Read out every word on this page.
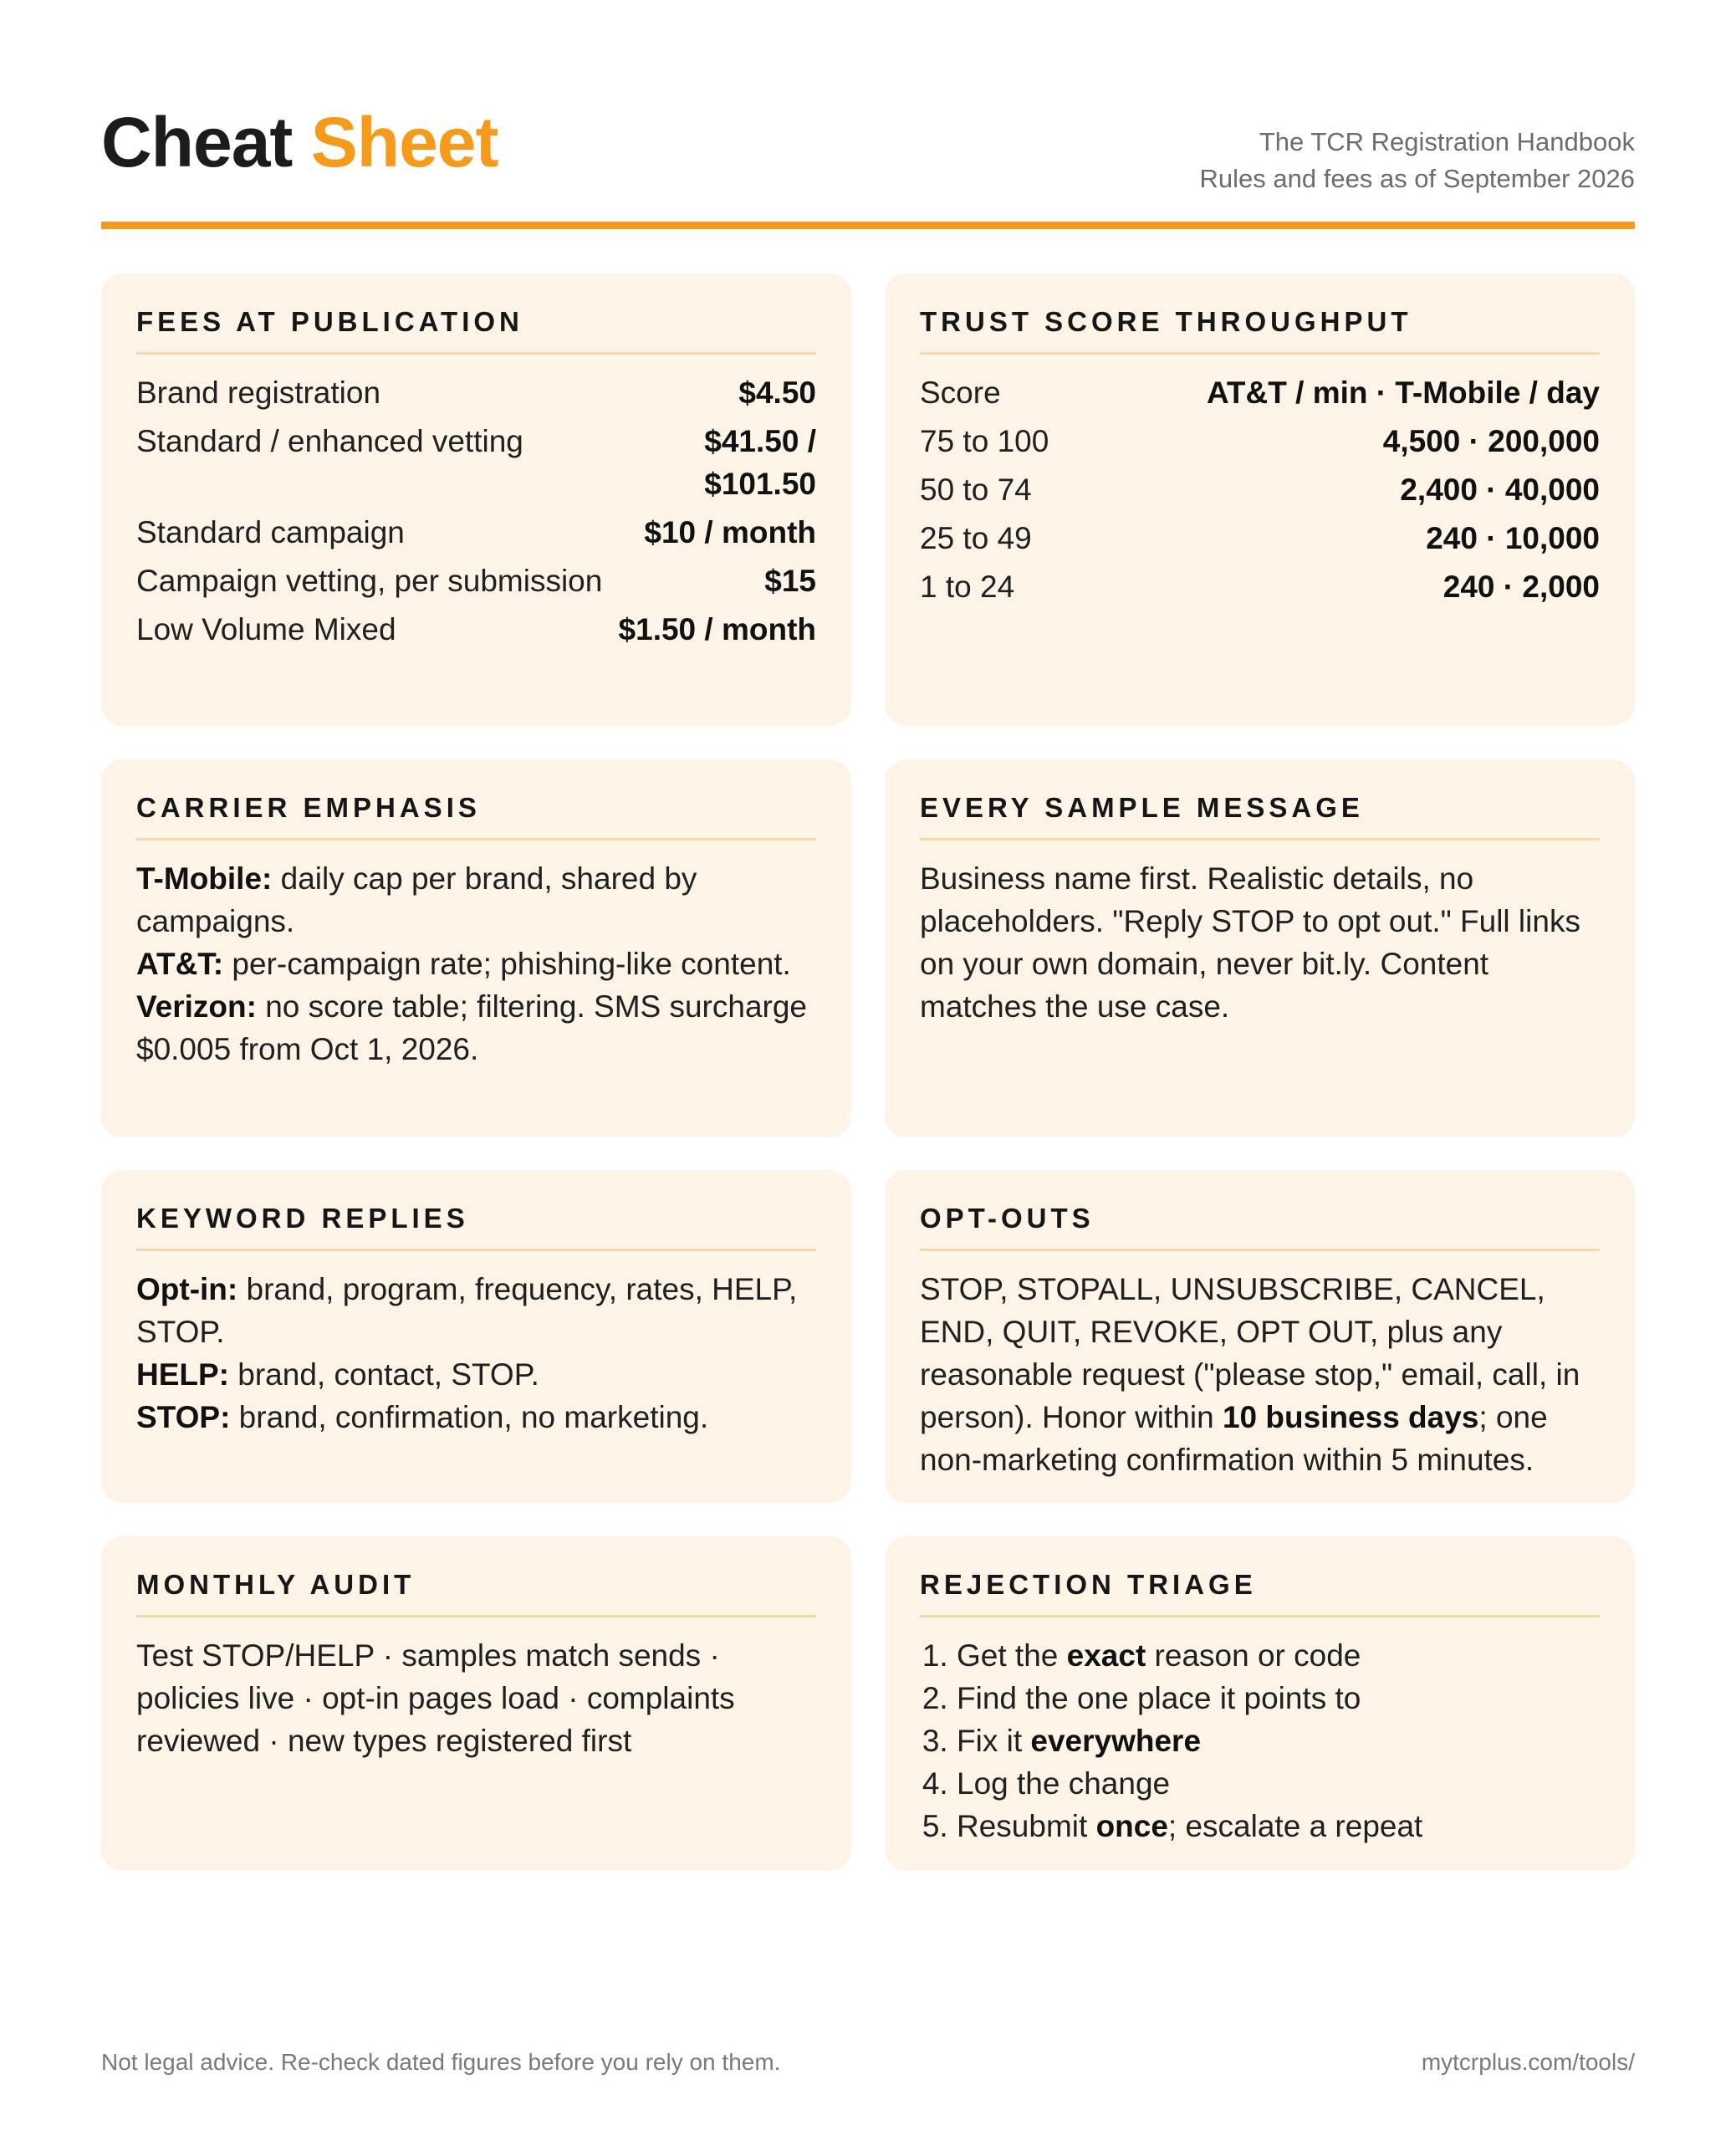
Cheat Sheet	The TCR Registration Handbook
Rules and fees as of September 2026
FEES AT PUBLICATION
Brand registration	$4.50
Standard / enhanced vetting	$41.50 / $101.50
Standard campaign	$10 / month
Campaign vetting, per submission	$15
Low Volume Mixed	$1.50 / month
TRUST SCORE THROUGHPUT
Score	AT&T / min · T-Mobile / day
75 to 100	4,500 · 200,000
50 to 74	2,400 · 40,000
25 to 49	240 · 10,000
1 to 24	240 · 2,000
CARRIER EMPHASIS
T-Mobile: daily cap per brand, shared by campaigns.
AT&T: per-campaign rate; phishing-like content.
Verizon: no score table; filtering. SMS surcharge $0.005 from Oct 1, 2026.
EVERY SAMPLE MESSAGE
Business name first. Realistic details, no placeholders. "Reply STOP to opt out." Full links on your own domain, never bit.ly. Content matches the use case.
KEYWORD REPLIES
Opt-in: brand, program, frequency, rates, HELP, STOP.
HELP: brand, contact, STOP.
STOP: brand, confirmation, no marketing.
OPT-OUTS
STOP, STOPALL, UNSUBSCRIBE, CANCEL, END, QUIT, REVOKE, OPT OUT, plus any reasonable request ("please stop," email, call, in person). Honor within 10 business days; one non-marketing confirmation within 5 minutes.
MONTHLY AUDIT
Test STOP/HELP · samples match sends · policies live · opt-in pages load · complaints reviewed · new types registered first
REJECTION TRIAGE
1. Get the exact reason or code
2. Find the one place it points to
3. Fix it everywhere
4. Log the change
5. Resubmit once; escalate a repeat
Not legal advice. Re-check dated figures before you rely on them.	mytcrplus.com/tools/
